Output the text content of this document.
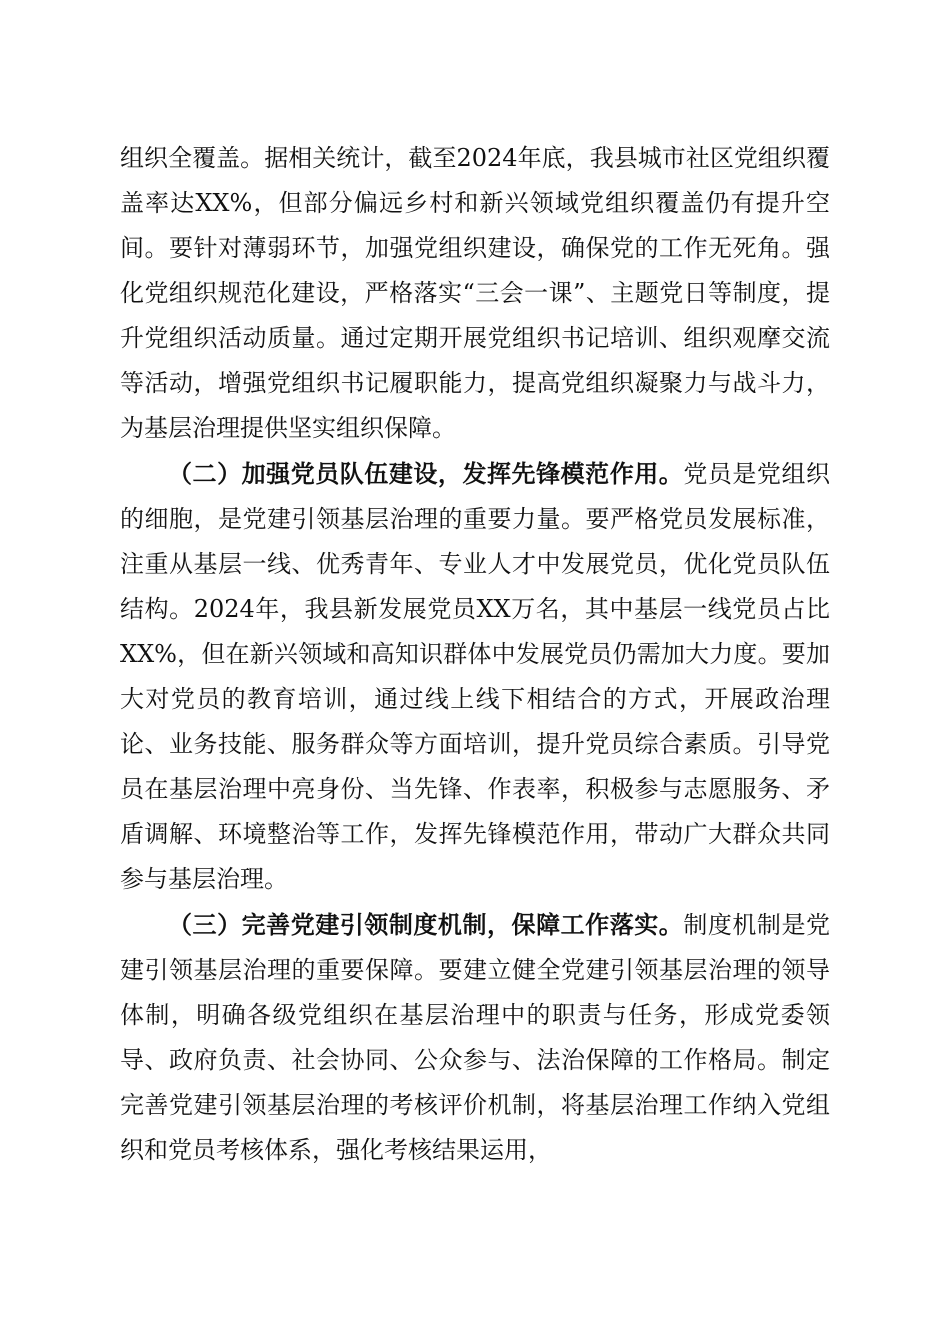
组织全覆盖。据相关统计，截至2024年底，我县城市社区党组织覆盖率达XX%，但部分偏远乡村和新兴领域党组织覆盖仍有提升空间。要针对薄弱环节，加强党组织建设，确保党的工作无死角。强化党组织规范化建设，严格落实“三会一课”、主题党日等制度，提升党组织活动质量。通过定期开展党组织书记培训、组织观摩交流等活动，增强党组织书记履职能力，提高党组织凝聚力与战斗力，为基层治理提供坚实组织保障。

（二）加强党员队伍建设，发挥先锋模范作用。党员是党组织的细胞，是党建引领基层治理的重要力量。要严格党员发展标准，注重从基层一线、优秀青年、专业人才中发展党员，优化党员队伍结构。2024年，我县新发展党员XX万名，其中基层一线党员占比XX%，但在新兴领域和高知识群体中发展党员仍需加大力度。要加大对党员的教育培训，通过线上线下相结合的方式，开展政治理论、业务技能、服务群众等方面培训，提升党员综合素质。引导党员在基层治理中亮身份、当先锋、作表率，积极参与志愿服务、矛盾调解、环境整治等工作，发挥先锋模范作用，带动广大群众共同参与基层治理。

（三）完善党建引领制度机制，保障工作落实。制度机制是党建引领基层治理的重要保障。要建立健全党建引领基层治理的领导体制，明确各级党组织在基层治理中的职责与任务，形成党委领导、政府负责、社会协同、公众参与、法治保障的工作格局。制定完善党建引领基层治理的考核评价机制，将基层治理工作纳入党组织和党员考核体系，强化考核结果运用，
